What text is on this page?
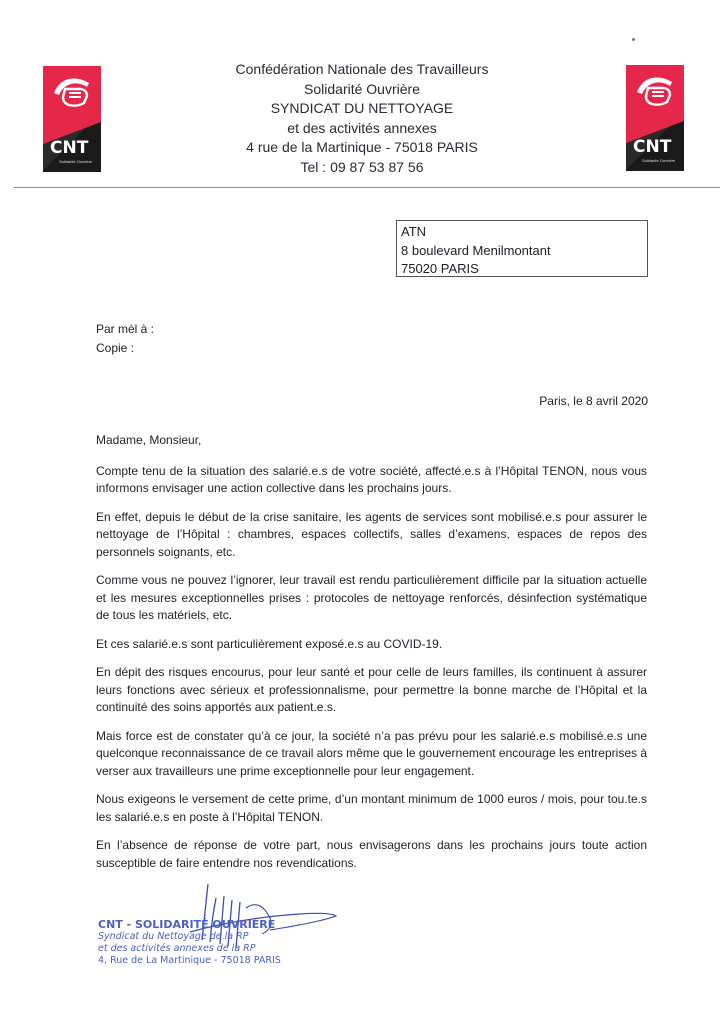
CNT
Solidarité Ouvrière
CNT
Solidarité Ouvrière
Confédération Nationale des Travailleurs
Solidarité Ouvrière
SYNDICAT DU NETTOYAGE
et des activités annexes
4 rue de la Martinique - 75018 PARIS
Tel : 09 87 53 87 56
ATN
8 boulevard Menilmontant
75020 PARIS
Par mèl à :
Copie :
Paris, le 8 avril 2020

Madame, Monsieur,

Compte tenu de la situation des salarié.e.s de votre société, affecté.e.s à l’Hôpital TENON, nous vous informons envisager une action collective dans les prochains jours.

En effet, depuis le début de la crise sanitaire, les agents de services sont mobilisé.e.s pour assurer le nettoyage de l’Hôpital : chambres, espaces collectifs, salles d’examens, espaces de repos des personnels soignants, etc.

Comme vous ne pouvez l’ignorer, leur travail est rendu particulièrement difficile par la situation actuelle et les mesures exceptionnelles prises : protocoles de nettoyage renforcés, désinfection systématique de tous les matériels, etc.

Et ces salarié.e.s sont particulièrement exposé.e.s au COVID-19.

En dépit des risques encourus, pour leur santé et pour celle de leurs familles, ils continuent à assurer leurs fonctions avec sérieux et professionnalisme, pour permettre la bonne marche de l’Hôpital et la continuité des soins apportés aux patient.e.s.

Mais force est de constater qu’à ce jour, la société n’a pas prévu pour les salarié.e.s mobilisé.e.s une quelconque reconnaissance de ce travail alors même que le gouvernement encourage les entreprises à verser aux travailleurs une prime exceptionnelle pour leur engagement.

Nous exigeons le versement de cette prime, d’un montant minimum de 1000 euros / mois, pour tou.te.s les salarié.e.s en poste à l’Hôpital TENON.

En l’absence de réponse de votre part, nous envisagerons dans les prochains jours toute action susceptible de faire entendre nos revendications.

CNT - SOLIDARITÉ OUVRIÈRE
Syndicat du Nettoyage de la RP
et des activités annexes de la RP
4, Rue de La Martinique - 75018 PARIS
